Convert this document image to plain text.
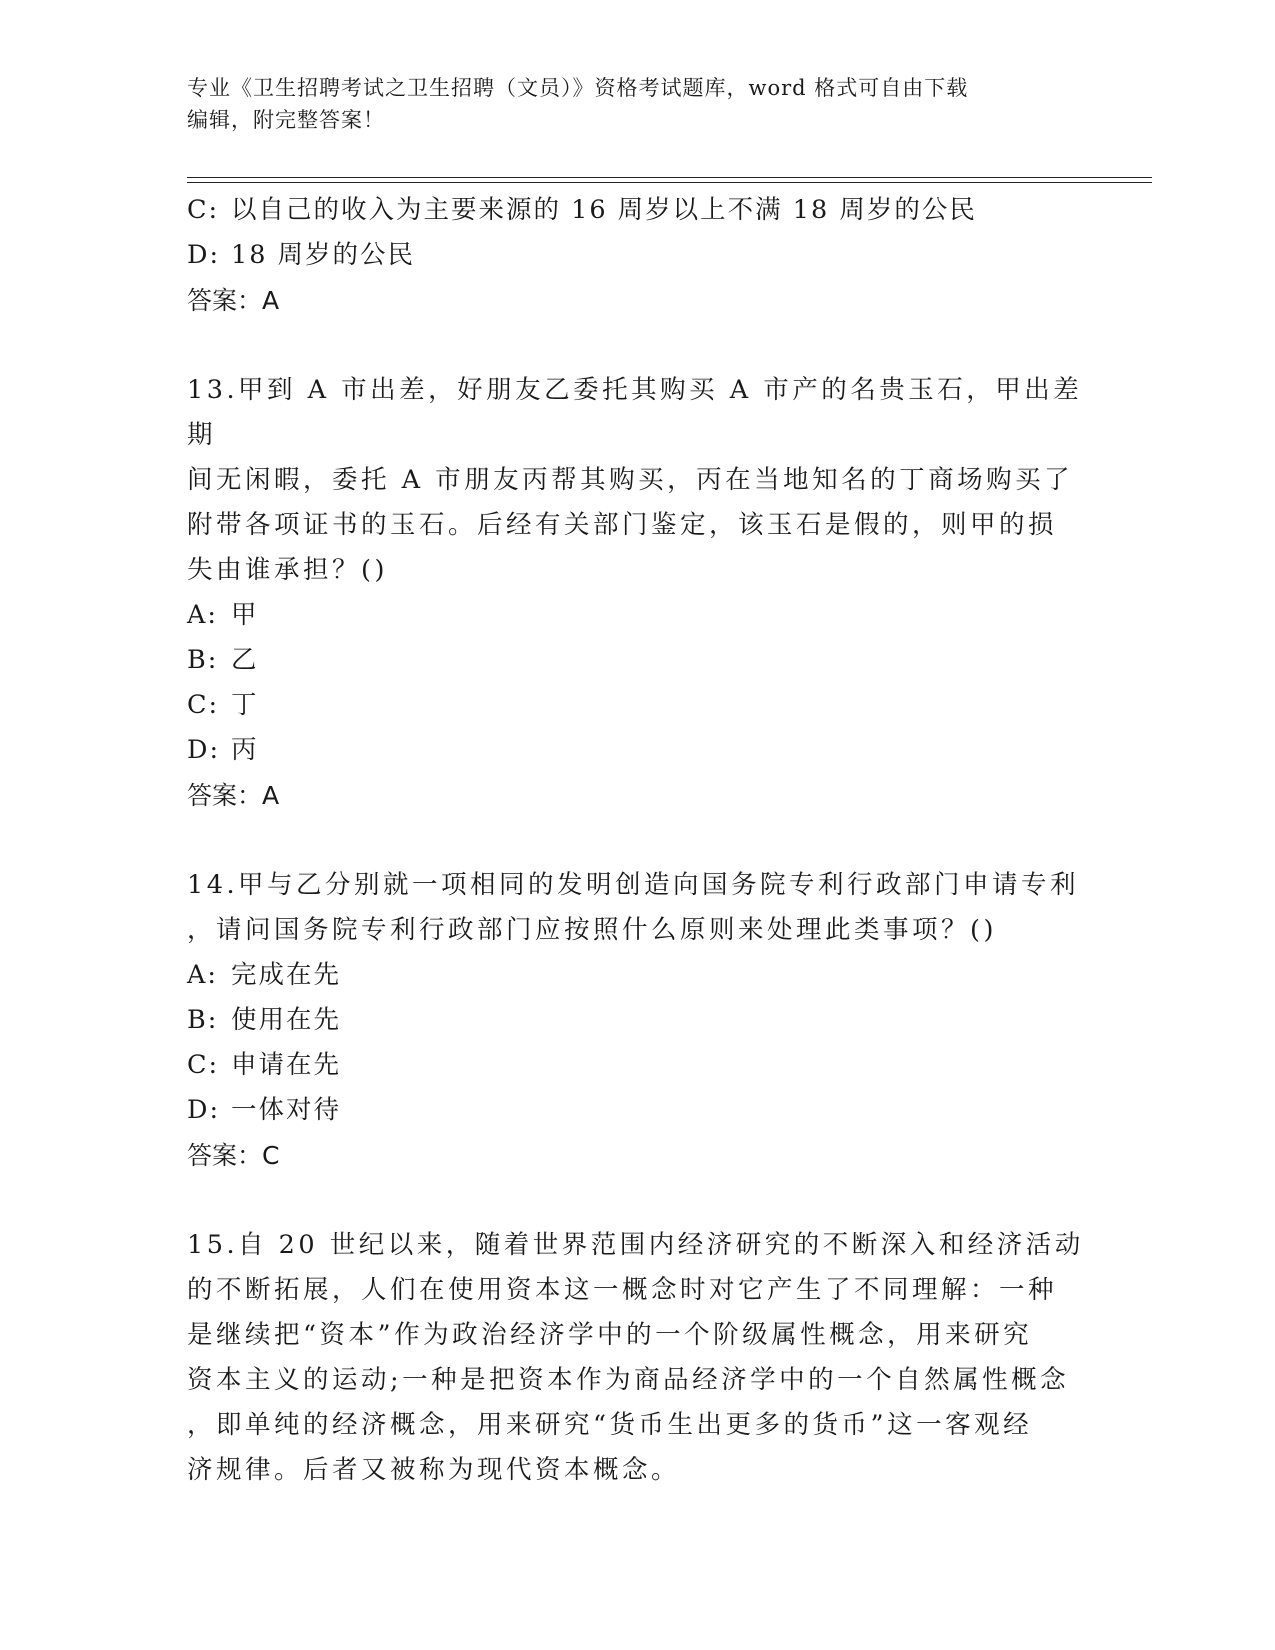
专业《卫生招聘考试之卫生招聘（文员）》资格考试题库，word 格式可自由下载
编辑，附完整答案！
C: 以自己的收入为主要来源的 16 周岁以上不满 18 周岁的公民
D: 18 周岁的公民
答案：A
13.甲到 A 市出差，好朋友乙委托其购买 A 市产的名贵玉石，甲出差期
间无闲暇，委托 A 市朋友丙帮其购买，丙在当地知名的丁商场购买了
附带各项证书的玉石。后经有关部门鉴定，该玉石是假的，则甲的损
失由谁承担？()
A: 甲
B: 乙
C: 丁
D: 丙
答案：A
14.甲与乙分别就一项相同的发明创造向国务院专利行政部门申请专利
，请问国务院专利行政部门应按照什么原则来处理此类事项？()
A: 完成在先
B: 使用在先
C: 申请在先
D: 一体对待
答案：C
15.自 20 世纪以来，随着世界范围内经济研究的不断深入和经济活动
的不断拓展，人们在使用资本这一概念时对它产生了不同理解：一种
是继续把“资本”作为政治经济学中的一个阶级属性概念，用来研究
资本主义的运动;一种是把资本作为商品经济学中的一个自然属性概念
，即单纯的经济概念，用来研究“货币生出更多的货币”这一客观经
济规律。后者又被称为现代资本概念。
